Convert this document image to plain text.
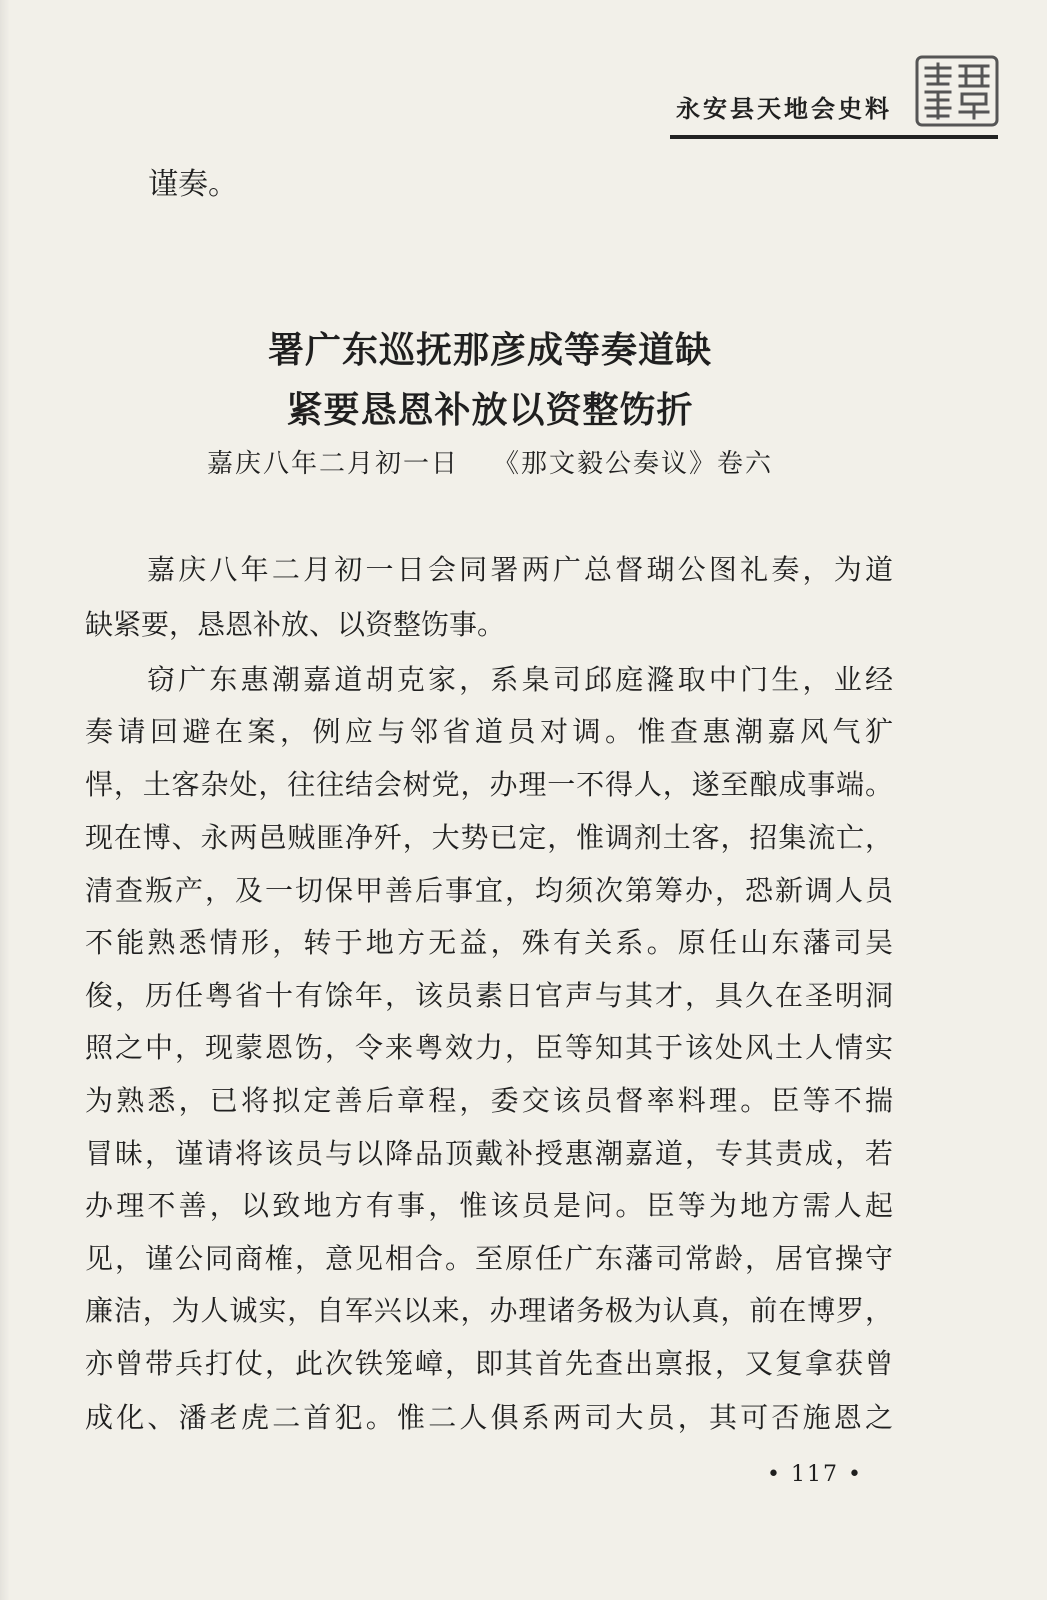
永安县天地会史料
谨奏。
署广东巡抚那彦成等奏道缺
紧要恳恩补放以资整饬折
嘉庆八年二月初一日 《那文毅公奏议》卷六
嘉庆八年二月初一日会同署两广总督瑚公图礼奏，为道
缺紧要，恳恩补放、以资整饬事。
窃广东惠潮嘉道胡克家，系臬司邱庭漋取中门生，业经
奏请回避在案，例应与邻省道员对调。惟查惠潮嘉风气犷
悍，土客杂处，往往结会树党，办理一不得人，遂至酿成事端。
现在博、永两邑贼匪净歼，大势已定，惟调剂土客，招集流亡，
清查叛产，及一切保甲善后事宜，均须次第筹办，恐新调人员
不能熟悉情形，转于地方无益，殊有关系。原任山东藩司吴
俊，历任粤省十有馀年，该员素日官声与其才，具久在圣明洞
照之中，现蒙恩饬，令来粤效力，臣等知其于该处风土人情实
为熟悉，已将拟定善后章程，委交该员督率料理。臣等不揣
冒昧，谨请将该员与以降品顶戴补授惠潮嘉道，专其责成，若
办理不善，以致地方有事，惟该员是问。臣等为地方需人起
见，谨公同商榷，意见相合。至原任广东藩司常龄，居官操守
廉洁，为人诚实，自军兴以来，办理诸务极为认真，前在博罗，
亦曾带兵打仗，此次铁笼嶂，即其首先查出禀报，又复拿获曾
成化、潘老虎二首犯。惟二人俱系两司大员，其可否施恩之
• 117 •
